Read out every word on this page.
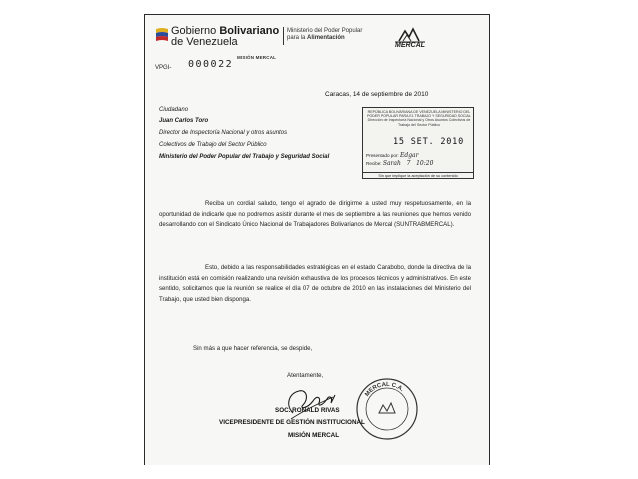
Gobierno Bolivariano
de Venezuela
Ministerio del Poder Popular
para la Alimentación
MERCAL
MISIÓN MERCAL
VPGI- 000022
Caracas, 14 de septiembre de 2010
Ciudadano
Juan Carlos Toro
Director de Inspectoría Nacional y otros asuntos
Colectivos de Trabajo del Sector Público
Ministerio del Poder Popular del Trabajo y Seguridad Social
REPÚBLICA BOLIVARIANA DE VENEZUELA MINISTERIO DEL PODER POPULAR PARA EL TRABAJO Y SEGURIDAD SOCIAL Dirección de Inspectoría Nacional y Otros Asuntos Colectivos de Trabajo del Sector Público
15 SET. 2010
Presentado por: Edgar
Recibe: Sarah   7   10:20
Sin que implique la aceptación de su contenido
Reciba un cordial saludo, tengo el agrado de dirigirme a usted muy respetuosamente, en la oportunidad de indicarle que no podremos asistir durante el mes de septiembre a las reuniones que hemos venido desarrollando con el Sindicato Único Nacional de Trabajadores Bolivarianos de Mercal (SUNTRABMERCAL).
Esto, debido a las responsabilidades estratégicas en el estado Carabobo, donde la directiva de la institución está en comisión realizando una revisión exhaustiva de los procesos técnicos y administrativos. En este sentido, solicitamos que la reunión se realice el día 07 de octubre de 2010 en las instalaciones del Ministerio del Trabajo, que usted bien disponga.
Sin más a que hacer referencia, se despide,
Atentamente,
MERCAL C.A.
SOC. RONALD RIVAS
VICEPRESIDENTE DE GESTIÓN INSTITUCIONAL
MISIÓN MERCAL
